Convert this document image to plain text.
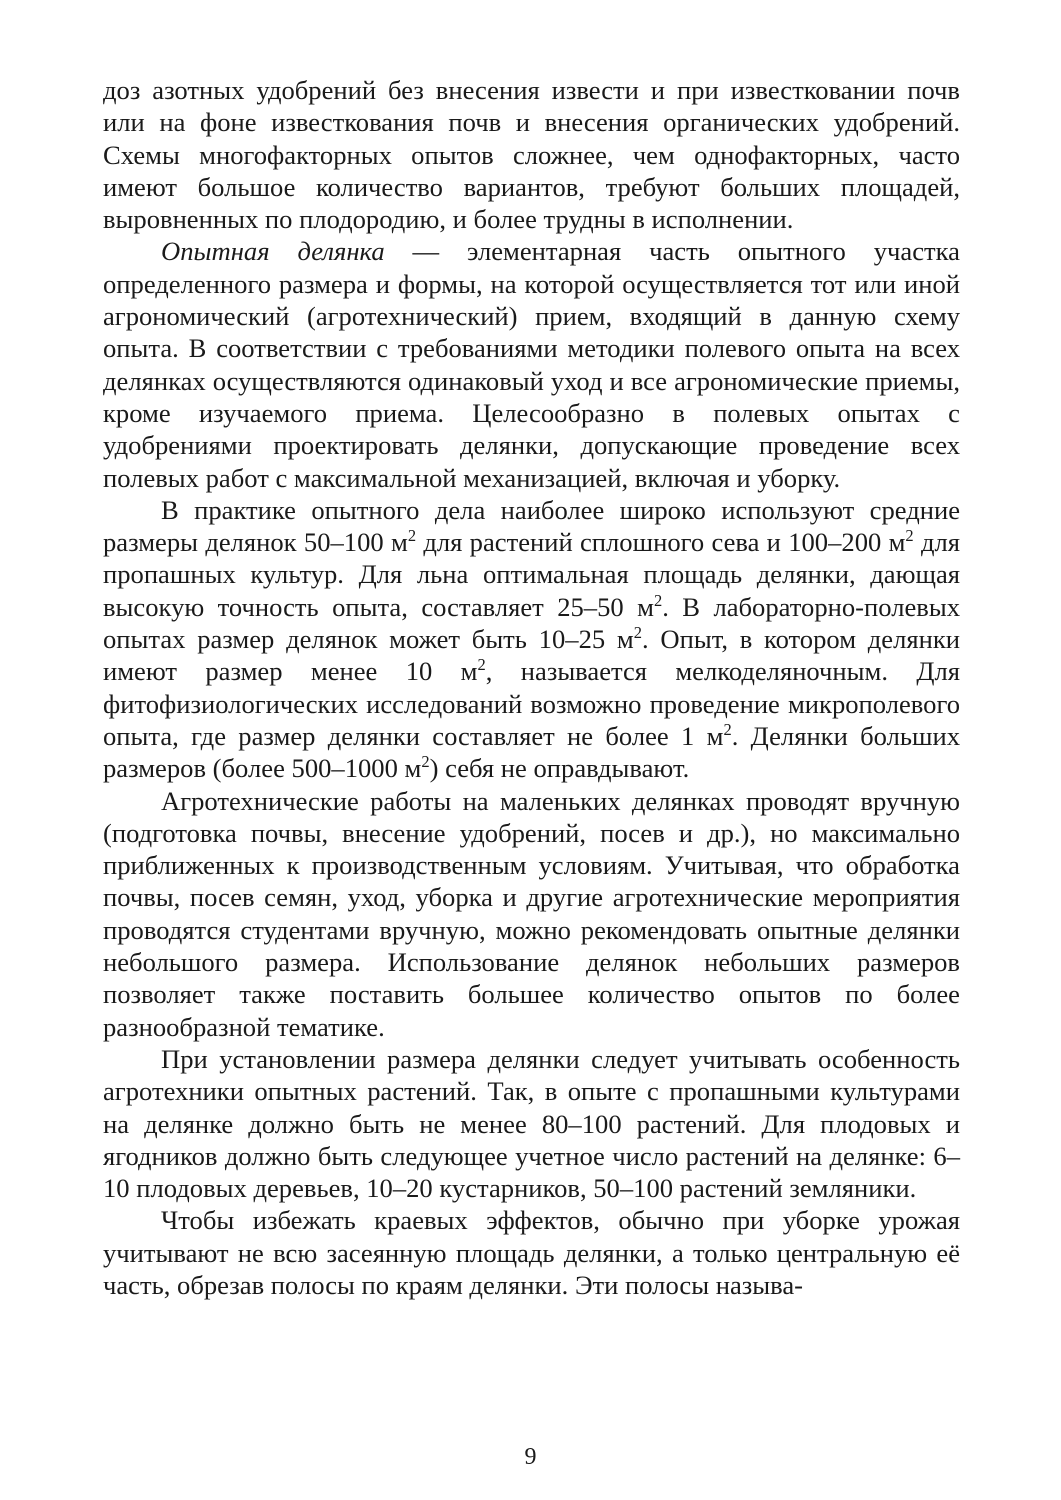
доз азотных удобрений без внесения извести и при известковании почв или на фоне известкования почв и внесения органических удобрений. Схемы многофакторных опытов сложнее, чем однофакторных, часто имеют большое количество вариантов, требуют больших площадей, выровненных по плодородию, и более трудны в исполнении.

Опытная делянка — элементарная часть опытного участка определенного размера и формы, на которой осуществляется тот или иной агрономический (агротехнический) прием, входящий в данную схему опыта. В соответствии с требованиями методики полевого опыта на всех делянках осуществляются одинаковый уход и все агрономические приемы, кроме изучаемого приема. Целесообразно в полевых опытах с удобрениями проектировать делянки, допускающие проведение всех полевых работ с максимальной механизацией, включая и уборку.

В практике опытного дела наиболее широко используют средние размеры делянок 50–100 $м^2$ для растений сплошного сева и 100–200 $м^2$ для пропашных культур. Для льна оптимальная площадь делянки, дающая высокую точность опыта, составляет 25–50 $м^2$. В лабораторно-полевых опытах размер делянок может быть 10–25 $м^2$. Опыт, в котором делянки имеют размер менее 10 $м^2$, называется мелкоделяночным. Для фитофизиологических исследований возможно проведение микрополевого опыта, где размер делянки составляет не более 1 $м^2$. Делянки больших размеров (более 500–1000 $м^2$) себя не оправдывают.

Агротехнические работы на маленьких делянках проводят вручную (подготовка почвы, внесение удобрений, посев и др.), но максимально приближенных к производственным условиям. Учитывая, что обработка почвы, посев семян, уход, уборка и другие агротехнические мероприятия проводятся студентами вручную, можно рекомендовать опытные делянки небольшого размера. Использование делянок небольших размеров позволяет также поставить большее количество опытов по более разнообразной тематике.

При установлении размера делянки следует учитывать особенность агротехники опытных растений. Так, в опыте с пропашными культурами на делянке должно быть не менее 80–100 растений. Для плодовых и ягодников должно быть следующее учетное число растений на делянке: 6–10 плодовых деревьев, 10–20 кустарников, 50–100 растений земляники.

Чтобы избежать краевых эффектов, обычно при уборке урожая учитывают не всю засеянную площадь делянки, а только центральную её часть, обрезав полосы по краям делянки. Эти полосы называ-

9
